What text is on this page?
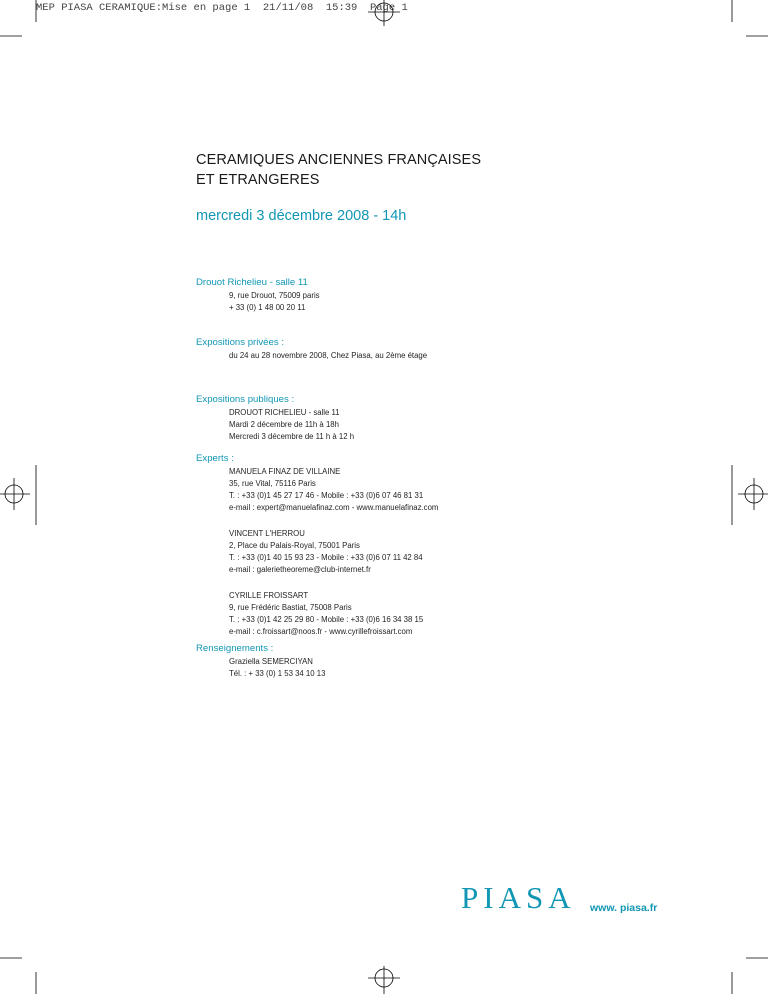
MEP PIASA CERAMIQUE:Mise en page 1  21/11/08  15:39  Page 1
CERAMIQUES ANCIENNES FRANÇAISES
ET ETRANGERES
mercredi 3 décembre 2008 - 14h
Drouot Richelieu - salle 11
9, rue Drouot, 75009 paris
+ 33 (0) 1 48 00 20 11
Expositions privées :
du 24 au 28 novembre 2008, Chez Piasa, au 2ème étage
Expositions publiques :
DROUOT RICHELIEU - salle 11
Mardi 2 décembre de 11h à 18h
Mercredi 3 décembre de 11 h à 12 h
Experts :
MANUELA FINAZ DE VILLAINE
35, rue Vital, 75116 Paris
T. : +33 (0)1 45 27 17 46 - Mobile : +33 (0)6 07 46 81 31
e-mail : expert@manuelafinaz.com - www.manuelafinaz.com
VINCENT L'HERROU
2, Place du Palais-Royal, 75001 Paris
T. : +33 (0)1 40 15 93 23 - Mobile : +33 (0)6 07 11 42 84
e-mail : galerietheoreme@club-internet.fr
CYRILLE FROISSART
9, rue Frédéric Bastiat, 75008 Paris
T. : +33 (0)1 42 25 29 80 - Mobile : +33 (0)6 16 34 38 15
e-mail : c.froissart@noos.fr - www.cyrillefroissart.com
Renseignements :
Graziella SEMERCIYAN
Tél. : + 33 (0) 1 53 34 10 13
PIASA www. piasa.fr
